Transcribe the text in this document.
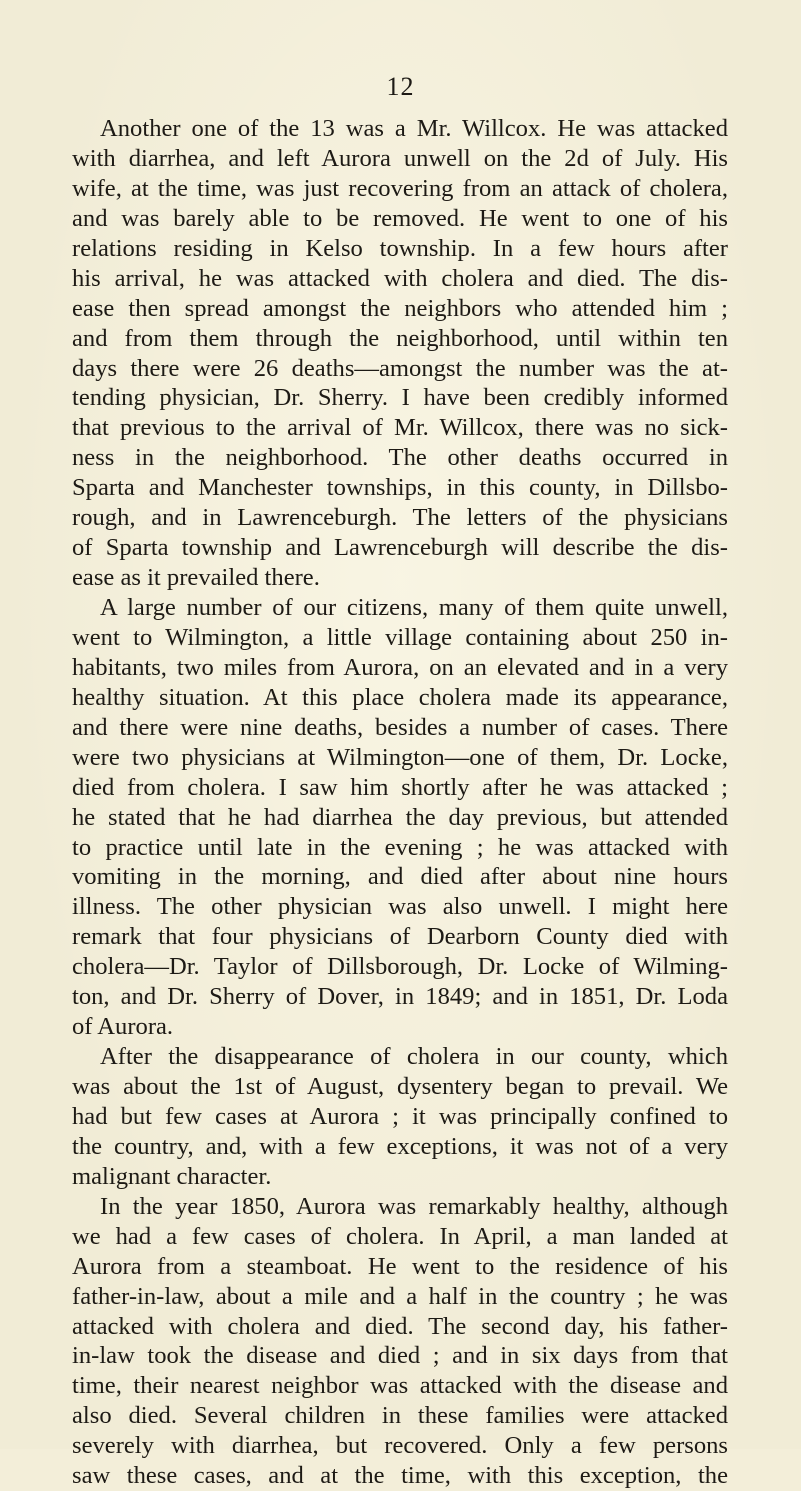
12
Another one of the 13 was a Mr. Willcox. He was attacked
with diarrhea, and left Aurora unwell on the 2d of July. His
wife, at the time, was just recovering from an attack of cholera,
and was barely able to be removed. He went to one of his
relations residing in Kelso township. In a few hours after
his arrival, he was attacked with cholera and died. The dis-
ease then spread amongst the neighbors who attended him ;
and from them through the neighborhood, until within ten
days there were 26 deaths—amongst the number was the at-
tending physician, Dr. Sherry. I have been credibly informed
that previous to the arrival of Mr. Willcox, there was no sick-
ness in the neighborhood. The other deaths occurred in
Sparta and Manchester townships, in this county, in Dillsbo-
rough, and in Lawrenceburgh. The letters of the physicians
of Sparta township and Lawrenceburgh will describe the dis-
ease as it prevailed there.
A large number of our citizens, many of them quite unwell,
went to Wilmington, a little village containing about 250 in-
habitants, two miles from Aurora, on an elevated and in a very
healthy situation. At this place cholera made its appearance,
and there were nine deaths, besides a number of cases. There
were two physicians at Wilmington—one of them, Dr. Locke,
died from cholera. I saw him shortly after he was attacked ;
he stated that he had diarrhea the day previous, but attended
to practice until late in the evening ; he was attacked with
vomiting in the morning, and died after about nine hours
illness. The other physician was also unwell. I might here
remark that four physicians of Dearborn County died with
cholera—Dr. Taylor of Dillsborough, Dr. Locke of Wilming-
ton, and Dr. Sherry of Dover, in 1849; and in 1851, Dr. Loda
of Aurora.
After the disappearance of cholera in our county, which
was about the 1st of August, dysentery began to prevail. We
had but few cases at Aurora ; it was principally confined to
the country, and, with a few exceptions, it was not of a very
malignant character.
In the year 1850, Aurora was remarkably healthy, although
we had a few cases of cholera. In April, a man landed at
Aurora from a steamboat. He went to the residence of his
father-in-law, about a mile and a half in the country ; he was
attacked with cholera and died. The second day, his father-
in-law took the disease and died ; and in six days from that
time, their nearest neighbor was attacked with the disease and
also died. Several children in these families were attacked
severely with diarrhea, but recovered. Only a few persons
saw these cases, and at the time, with this exception, the
